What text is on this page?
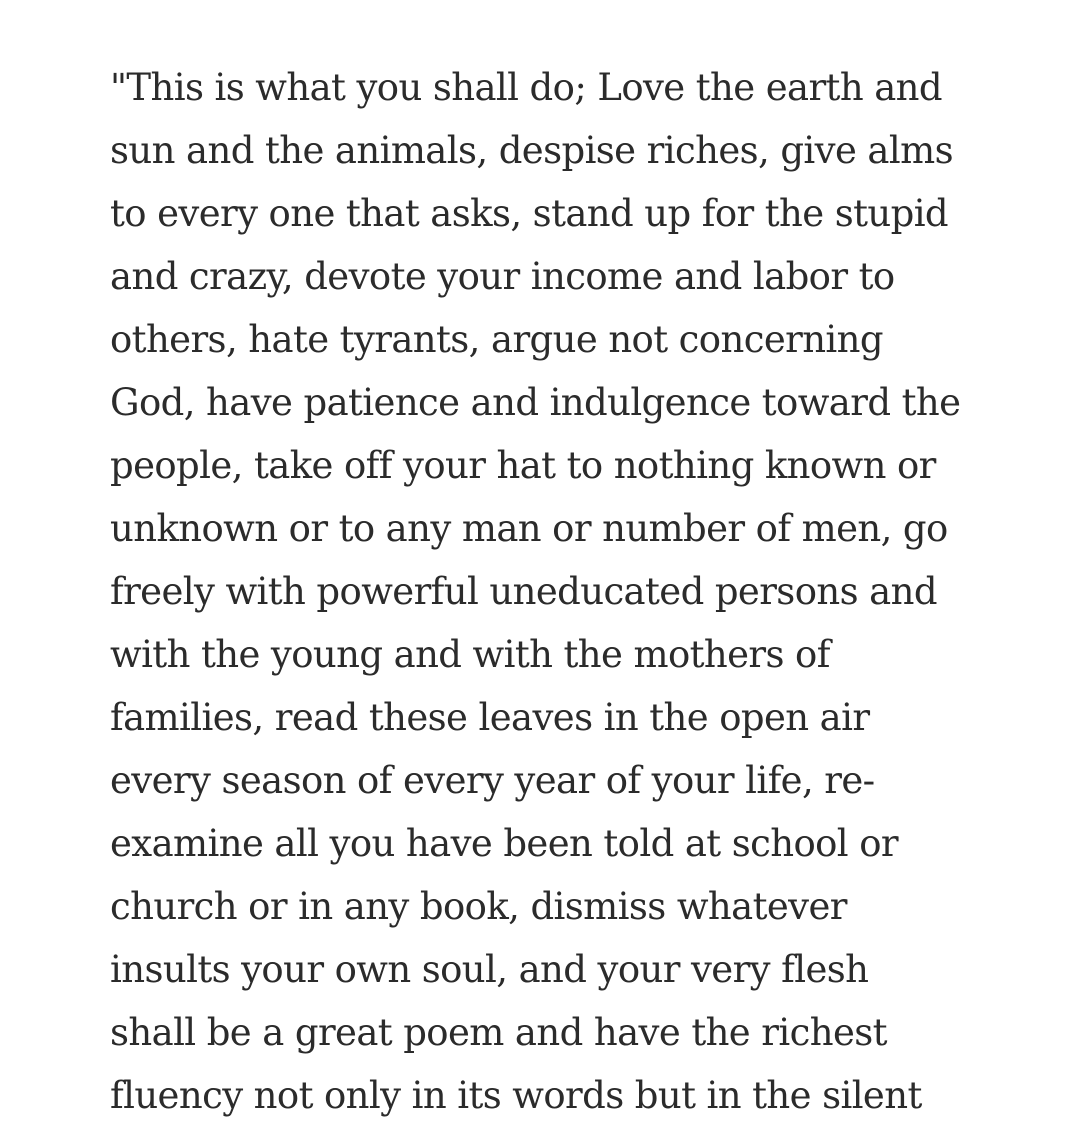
"This is what you shall do; Love the earth and
sun and the animals, despise riches, give alms
to every one that asks, stand up for the stupid
and crazy, devote your income and labor to
others, hate tyrants, argue not concerning
God, have patience and indulgence toward the
people, take off your hat to nothing known or
unknown or to any man or number of men, go
freely with powerful uneducated persons and
with the young and with the mothers of
families, read these leaves in the open air
every season of every year of your life, re-
examine all you have been told at school or
church or in any book, dismiss whatever
insults your own soul, and your very flesh
shall be a great poem and have the richest
fluency not only in its words but in the silent
